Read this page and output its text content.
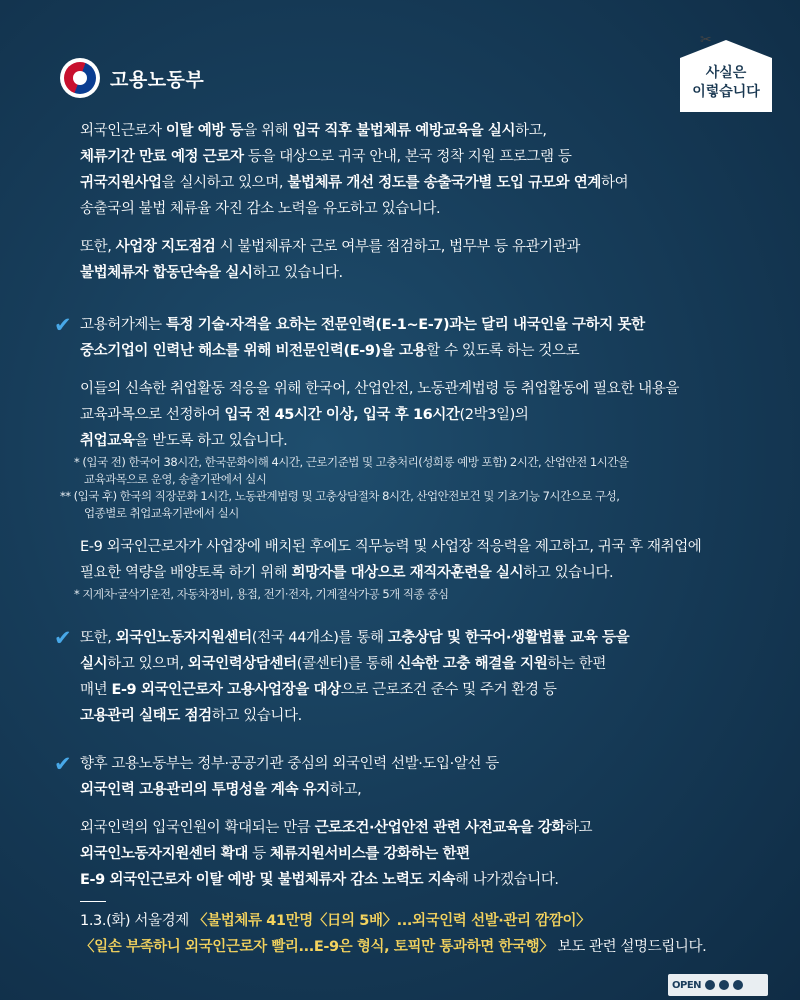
고용노동부
✂
사실은
이렇습니다

외국인근로자 이탈 예방 등을 위해 입국 직후 불법체류 예방교육을 실시하고,

체류기간 만료 예정 근로자 등을 대상으로 귀국 안내, 본국 정착 지원 프로그램 등

귀국지원사업을 실시하고 있으며, 불법체류 개선 정도를 송출국가별 도입 규모와 연계하여

송출국의 불법 체류율 자진 감소 노력을 유도하고 있습니다.

또한, 사업장 지도점검 시 불법체류자 근로 여부를 점검하고, 법무부 등 유관기관과

불법체류자 합동단속을 실시하고 있습니다.

✔ 고용허가제는 특정 기술·자격을 요하는 전문인력(E-1~E-7)과는 달리 내국인을 구하지 못한

중소기업이 인력난 해소를 위해 비전문인력(E-9)을 고용할 수 있도록 하는 것으로

이들의 신속한 취업활동 적응을 위해 한국어, 산업안전, 노동관계법령 등 취업활동에 필요한 내용을

교육과목으로 선정하여 입국 전 45시간 이상, 입국 후 16시간(2박3일)의

취업교육을 받도록 하고 있습니다.

* (입국 전) 한국어 38시간, 한국문화이해 4시간, 근로기준법 및 고충처리(성희롱 예방 포함) 2시간, 산업안전 1시간을

교육과목으로 운영, 송출기관에서 실시

** (입국 후) 한국의 직장문화 1시간, 노동관계법령 및 고충상담절차 8시간, 산업안전보건 및 기초기능 7시간으로 구성,

업종별로 취업교육기관에서 실시

E-9 외국인근로자가 사업장에 배치된 후에도 직무능력 및 사업장 적응력을 제고하고, 귀국 후 재취업에

필요한 역량을 배양토록 하기 위해 희망자를 대상으로 재직자훈련을 실시하고 있습니다.

* 지게차·굴삭기운전, 자동차정비, 용접, 전기·전자, 기계절삭가공 5개 직종 중심

✔ 또한, 외국인노동자지원센터(전국 44개소)를 통해 고충상담 및 한국어·생활법률 교육 등을

실시하고 있으며, 외국인력상담센터(콜센터)를 통해 신속한 고충 해결을 지원하는 한편

매년 E-9 외국인근로자 고용사업장을 대상으로 근로조건 준수 및 주거 환경 등

고용관리 실태도 점검하고 있습니다.

✔ 향후 고용노동부는 정부·공공기관 중심의 외국인력 선발·도입·알선 등

외국인력 고용관리의 투명성을 계속 유지하고,

외국인력의 입국인원이 확대되는 만큼 근로조건·산업안전 관련 사전교육을 강화하고

외국인노동자지원센터 확대 등 체류지원서비스를 강화하는 한편

E-9 외국인근로자 이탈 예방 및 불법체류자 감소 노력도 지속해 나가겠습니다.

1.3.(화) 서울경제 〈불법체류 41만명〈日의 5배〉...외국인력 선발·관리 깜깜이〉

〈일손 부족하니 외국인근로자 빨리...E-9은 형식, 토픽만 통과하면 한국행〉 보도 관련 설명드립니다.

OPEN
